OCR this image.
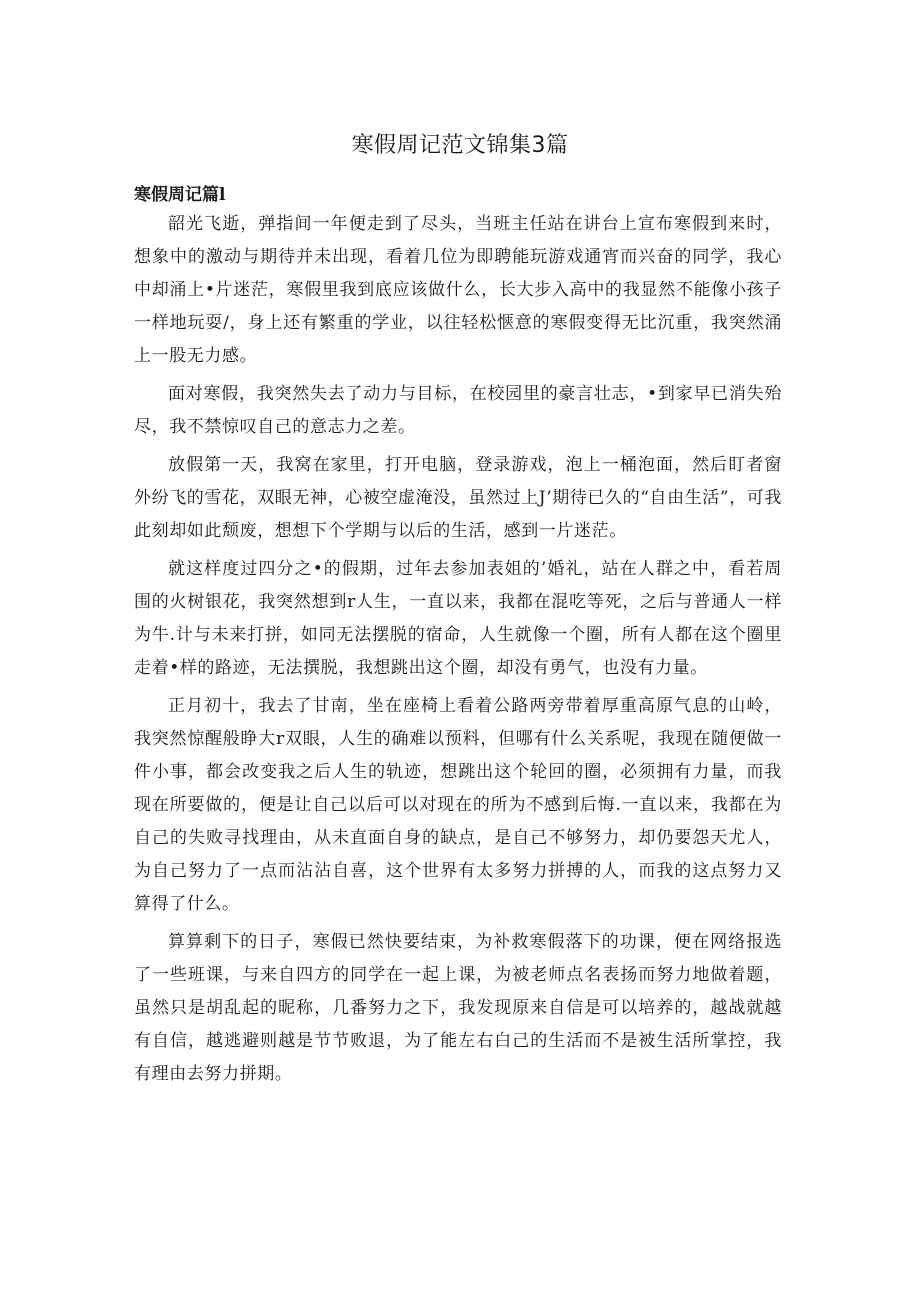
寒假周记范文锦集3篇
寒假周记篇l

韶光飞逝，弹指间一年便走到了尽头，当班主任站在讲台上宣布寒假到来时，想象中的激动与期待并未出现，看着几位为即聘能玩游戏通宵而兴奋的同学，我心中却涌上•片迷茫，寒假里我到底应该做什么，长大步入高中的我显然不能像小孩子一样地玩耍/，身上还有繁重的学业，以往轻松惬意的寒假变得无比沉重，我突然涌上一股无力感。

面对寒假，我突然失去了动力与目标，在校园里的豪言壮志，•到家早已消失殆尽，我不禁惊叹自己的意志力之差。

放假第一天，我窝在家里，打开电脑，登录游戏，泡上一桶泡面，然后盯者窗外纷飞的雪花，双眼无神，心被空虚淹没，虽然过上J’期待已久的“自由生活”，可我此刻却如此颓废，想想下个学期与以后的生活，感到一片迷茫。

就这样度过四分之•的假期，过年去参加表姐的’婚礼，站在人群之中，看若周围的火树银花，我突然想到r人生，一直以来，我都在混吃等死，之后与普通人一样为牛.计与未来打拼，如同无法摆脱的宿命，人生就像一个圈，所有人都在这个圈里走着•样的路迹，无法撰脱，我想跳出这个圈，却没有勇气，也没有力量。

正月初十，我去了甘南，坐在座椅上看着公路两旁带着厚重高原气息的山岭，我突然惊醒般睁大r双眼，人生的确难以预料，但哪有什么关系呢，我现在随便做一件小事，都会改变我之后人生的轨迹，想跳出这个轮回的圈，必须拥有力量，而我现在所要做的，便是让自己以后可以对现在的所为不感到后悔.一直以来，我都在为自己的失败寻找理由，从未直面自身的缺点，是自己不够努力，却仍要怨天尤人，为自己努力了一点而沾沾自喜，这个世界有太多努力拼搏的人，而我的这点努力又算得了什么。

算算剩下的日子，寒假已然快要结束，为补救寒假落下的功课，便在网络报选了一些班课，与来自四方的同学在一起上课，为被老师点名表扬而努力地做着题，虽然只是胡乱起的昵称，几番努力之下，我发现原来自信是可以培养的，越战就越有自信，越逃避则越是节节败退，为了能左右白己的生活而不是被生活所掌控，我有理由去努力拼期。
